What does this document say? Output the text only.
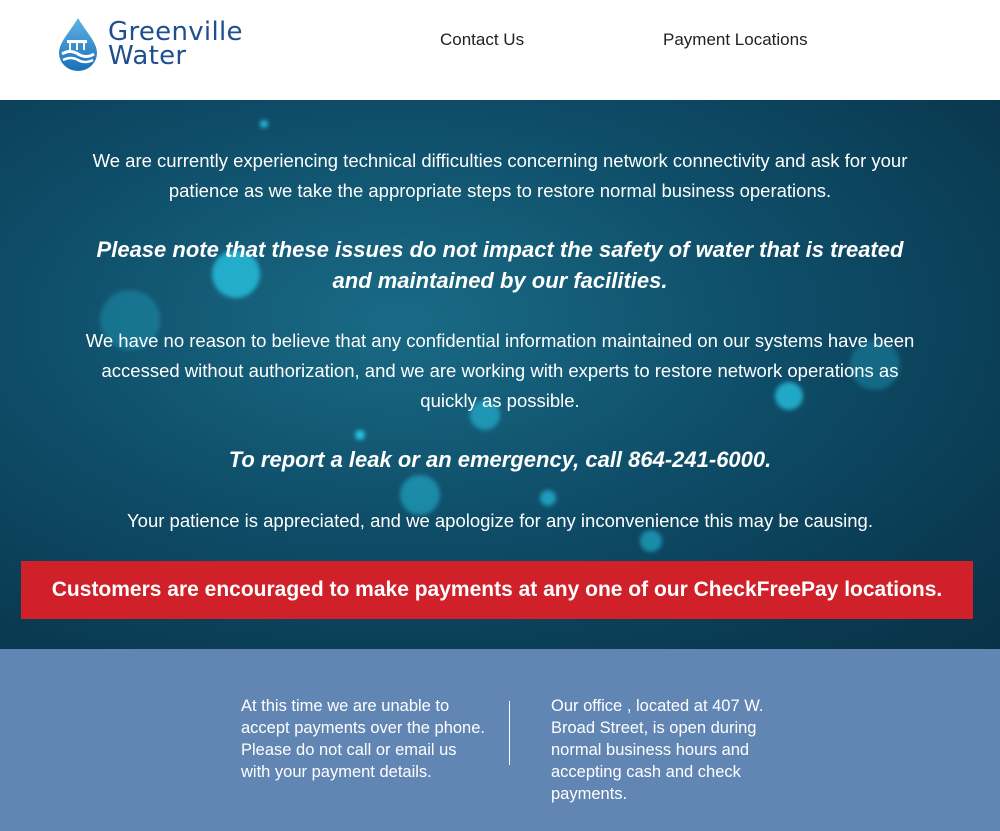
Greenville
Water
Contact Us	Payment Locations

We are currently experiencing technical difficulties concerning network connectivity and ask for your patience as we take the appropriate steps to restore normal business operations.

Please note that these issues do not impact the safety of water that is treated and maintained by our facilities.

We have no reason to believe that any confidential information maintained on our systems have been accessed without authorization, and we are working with experts to restore network operations as quickly as possible.

To report a leak or an emergency, call 864-241-6000.

Your patience is appreciated, and we apologize for any inconvenience this may be causing.

Customers are encouraged to make payments at any one of our CheckFreePay locations.

At this time we are unable to accept payments over the phone. Please do not call or email us with your payment details.

Our office , located at 407 W. Broad Street, is open during normal business hours and accepting cash and check payments.
